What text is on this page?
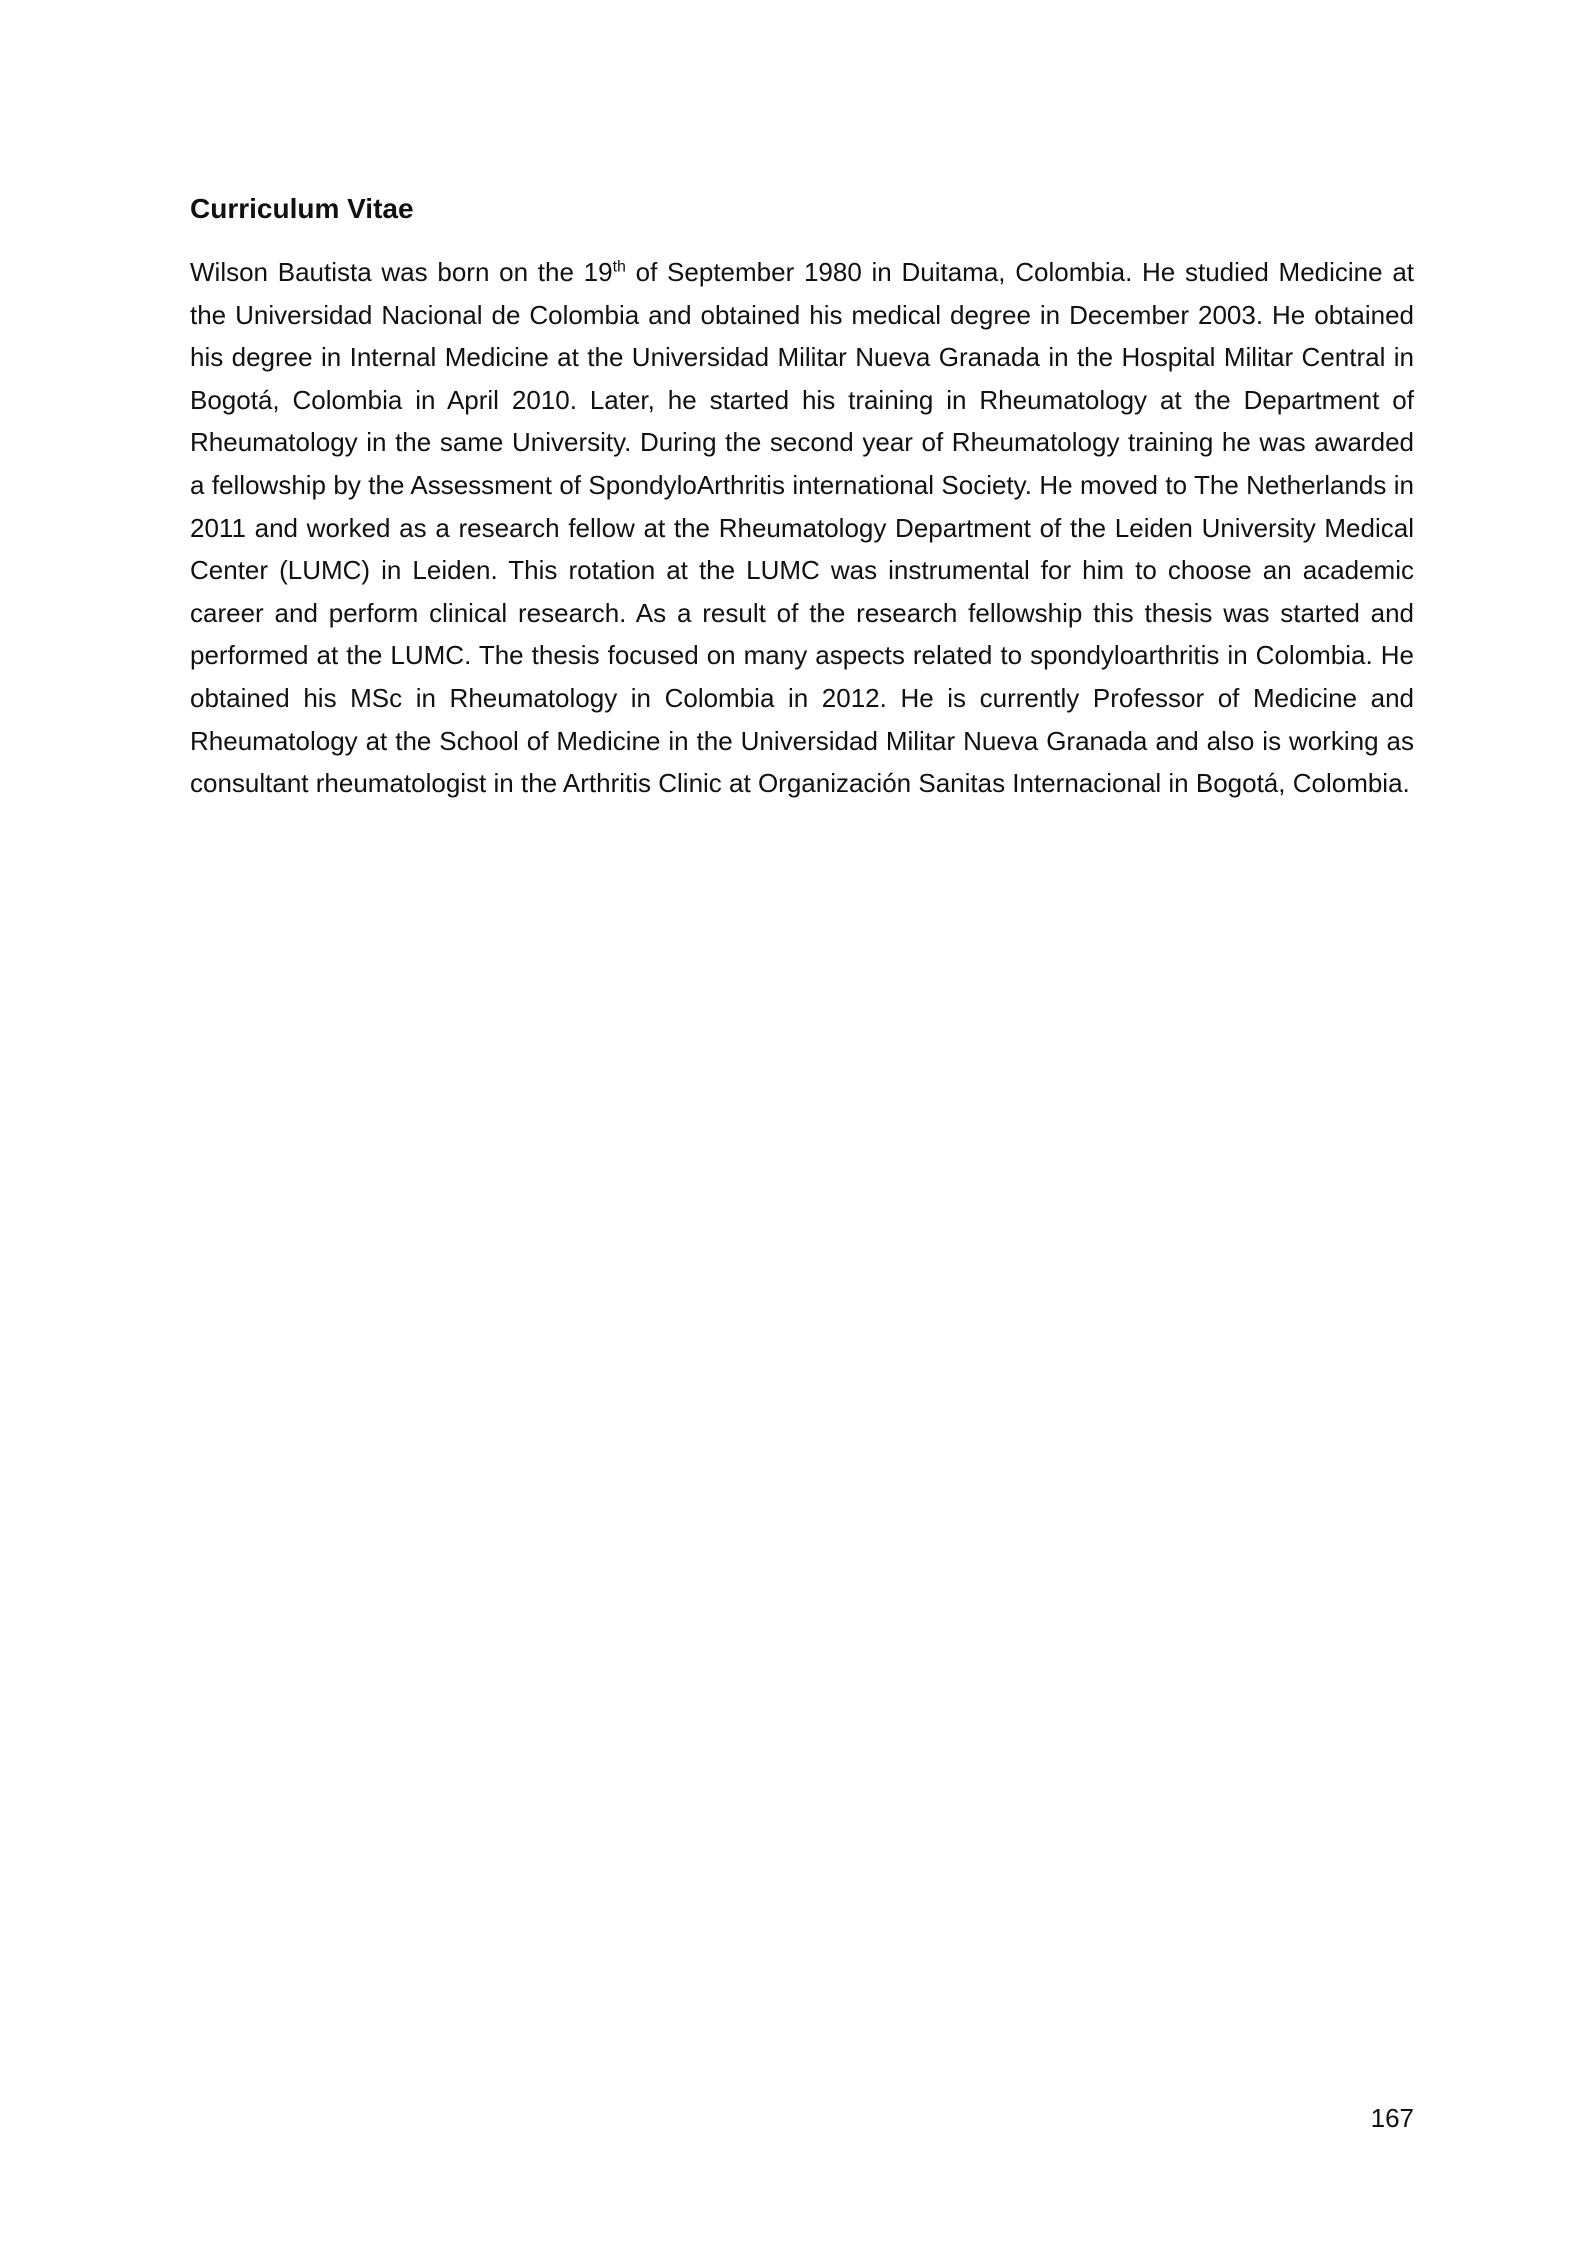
Curriculum Vitae

Wilson Bautista was born on the 19th of September 1980 in Duitama, Colombia. He studied Medicine at the Universidad Nacional de Colombia and obtained his medical degree in December 2003. He obtained his degree in Internal Medicine at the Universidad Militar Nueva Granada in the Hospital Militar Central in Bogotá, Colombia in April 2010. Later, he started his training in Rheumatology at the Department of Rheumatology in the same University. During the second year of Rheumatology training he was awarded a fellowship by the Assessment of SpondyloArthritis international Society. He moved to The Netherlands in 2011 and worked as a research fellow at the Rheumatology Department of the Leiden University Medical Center (LUMC) in Leiden. This rotation at the LUMC was instrumental for him to choose an academic career and perform clinical research. As a result of the research fellowship this thesis was started and performed at the LUMC. The thesis focused on many aspects related to spondyloarthritis in Colombia. He obtained his MSc in Rheumatology in Colombia in 2012. He is currently Professor of Medicine and Rheumatology at the School of Medicine in the Universidad Militar Nueva Granada and also is working as consultant rheumatologist in the Arthritis Clinic at Organización Sanitas Internacional in Bogotá, Colombia.

167
